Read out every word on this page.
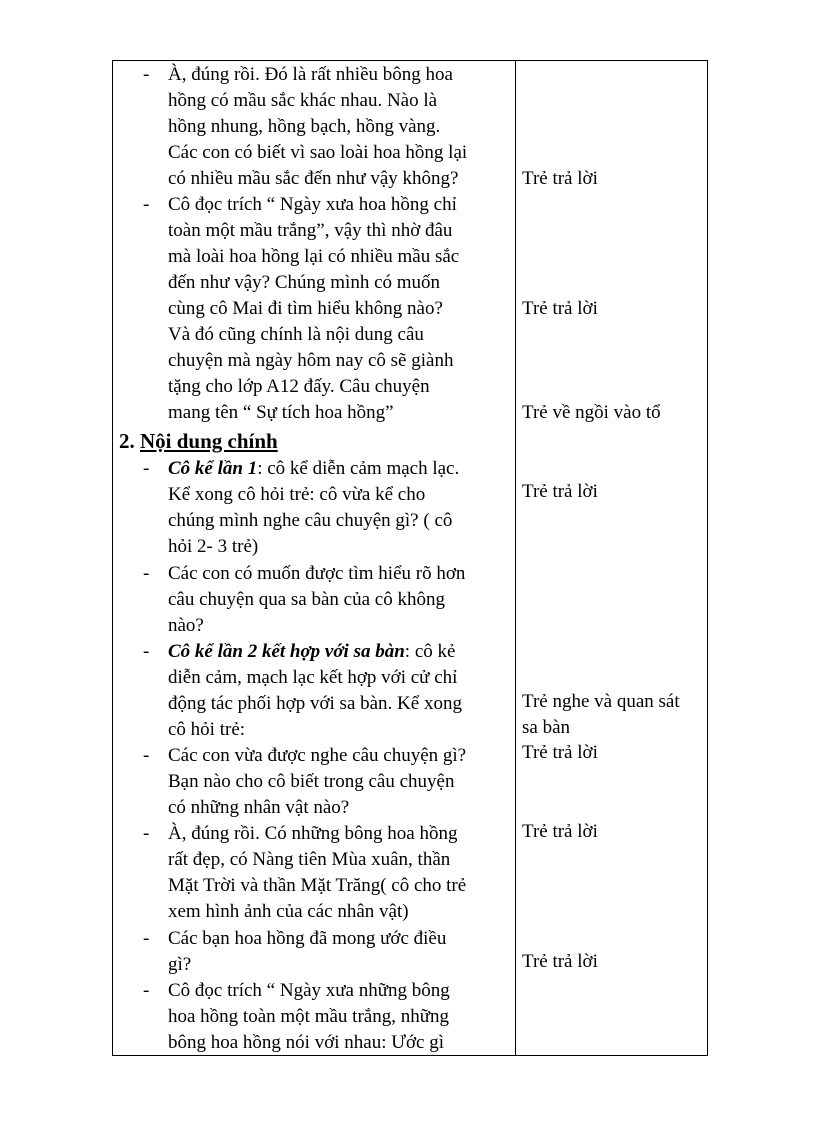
- À, đúng rồi. Đó là rất nhiều bông hoa
hồng có mầu sắc khác nhau. Nào là
hồng nhung, hồng bạch, hồng vàng.
Các con có biết vì sao loài hoa hồng lại
có nhiều mầu sắc đến như vậy không?
- Cô đọc trích “ Ngày xưa hoa hồng chỉ
toàn một mầu trắng”, vậy thì nhờ đâu
mà loài hoa hồng lại có nhiều mầu sắc
đến như vậy? Chúng mình có muốn
cùng cô Mai đi tìm hiểu không nào?
Và đó cũng chính là nội dung câu
chuyện mà ngày hôm nay cô sẽ giành
tặng cho lớp A12 đấy. Câu chuyện
mang tên “ Sự tích hoa hồng”
2. Nội dung chính
- Cô kể lần 1: cô kể diễn cảm mạch lạc.
Kể xong cô hỏi trẻ: cô vừa kể cho
chúng mình nghe câu chuyện gì? ( cô
hỏi 2- 3 trẻ)
- Các con có muốn được tìm hiểu rõ hơn
câu chuyện qua sa bàn của cô không
nào?
- Cô kể lần 2 kết hợp với sa bàn: cô kẻ
diễn cảm, mạch lạc kết hợp với cử chỉ
động tác phối hợp với sa bàn. Kể xong
cô hỏi trẻ:
- Các con vừa được nghe câu chuyện gì?
Bạn nào cho cô biết trong câu chuyện
có những nhân vật nào?
- À, đúng rồi. Có những bông hoa hồng
rất đẹp, có Nàng tiên Mùa xuân, thần
Mặt Trời và thần Mặt Trăng( cô cho trẻ
xem hình ảnh của các nhân vật)
- Các bạn hoa hồng đã mong ước điều
gì?
- Cô đọc trích “ Ngày xưa những bông
hoa hồng toàn một mầu trắng, những
bông hoa hồng nói với nhau: Ước gì
Trẻ trả lời
Trẻ trả lời
Trẻ về ngồi vào tổ
Trẻ trả lời
Trẻ nghe và quan sát
sa bàn
Trẻ trả lời
Trẻ trả lời
Trẻ trả lời
